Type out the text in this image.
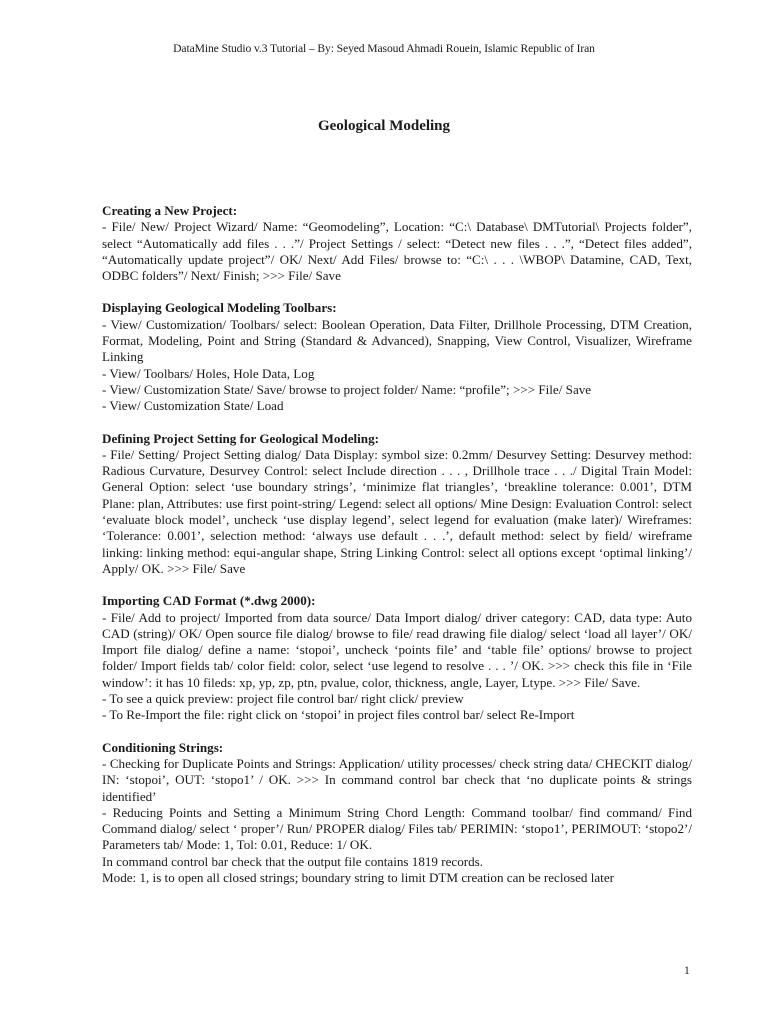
DataMine Studio v.3 Tutorial – By: Seyed Masoud Ahmadi Rouein, Islamic Republic of Iran
Geological Modeling
Creating a New Project:

- File/ New/ Project Wizard/ Name: “Geomodeling”, Location: “C:\ Database\ DMTutorial\ Projects folder”, select “Automatically add files . . .”/ Project Settings / select: “Detect new files . . .”, “Detect files added”, “Automatically update project”/ OK/ Next/ Add Files/ browse to: “C:\ . . . \WBOP\ Datamine, CAD, Text, ODBC folders”/ Next/ Finish; >>> File/ Save

Displaying Geological Modeling Toolbars:

- View/ Customization/ Toolbars/ select: Boolean Operation, Data Filter, Drillhole Processing, DTM Creation, Format, Modeling, Point and String (Standard & Advanced), Snapping, View Control, Visualizer, Wireframe Linking

- View/ Toolbars/ Holes, Hole Data, Log

- View/ Customization State/ Save/ browse to project folder/ Name: “profile”; >>> File/ Save

- View/ Customization State/ Load

Defining Project Setting for Geological Modeling:

- File/ Setting/ Project Setting dialog/ Data Display: symbol size: 0.2mm/ Desurvey Setting: Desurvey method: Radious Curvature, Desurvey Control: select Include direction . . . , Drillhole trace . . ./ Digital Train Model: General Option: select ‘use boundary strings’, ‘minimize flat triangles’, ‘breakline tolerance: 0.001’, DTM Plane: plan, Attributes: use first point-string/ Legend: select all options/ Mine Design: Evaluation Control: select ‘evaluate block model’, uncheck ‘use display legend’, select legend for evaluation (make later)/ Wireframes: ‘Tolerance: 0.001’, selection method: ‘always use default . . .’, default method: select by field/ wireframe linking: linking method: equi-angular shape, String Linking Control: select all options except ‘optimal linking’/ Apply/ OK. >>> File/ Save

Importing CAD Format (*.dwg 2000):

- File/ Add to project/ Imported from data source/ Data Import dialog/ driver category: CAD, data type: Auto CAD (string)/ OK/ Open source file dialog/ browse to file/ read drawing file dialog/ select ‘load all layer’/ OK/ Import file dialog/ define a name: ‘stopoi’, uncheck ‘points file’ and ‘table file’ options/ browse to project folder/ Import fields tab/ color field: color, select ‘use legend to resolve . . . ’/ OK. >>> check this file in ‘File window’: it has 10 fileds: xp, yp, zp, ptn, pvalue, color, thickness, angle, Layer, Ltype. >>> File/ Save.

- To see a quick preview: project file control bar/ right click/ preview

- To Re-Import the file: right click on ‘stopoi’ in project files control bar/ select Re-Import

Conditioning Strings:

- Checking for Duplicate Points and Strings: Application/ utility processes/ check string data/ CHECKIT dialog/ IN: ‘stopoi’, OUT: ‘stopo1’ / OK. >>> In command control bar check that ‘no duplicate points & strings identified’

- Reducing Points and Setting a Minimum String Chord Length: Command toolbar/ find command/ Find Command dialog/ select ‘ proper’/ Run/ PROPER dialog/ Files tab/ PERIMIN: ‘stopo1’, PERIMOUT: ‘stopo2’/ Parameters tab/ Mode: 1, Tol: 0.01, Reduce: 1/ OK.

In command control bar check that the output file contains 1819 records.

Mode: 1, is to open all closed strings; boundary string to limit DTM creation can be reclosed later

1
